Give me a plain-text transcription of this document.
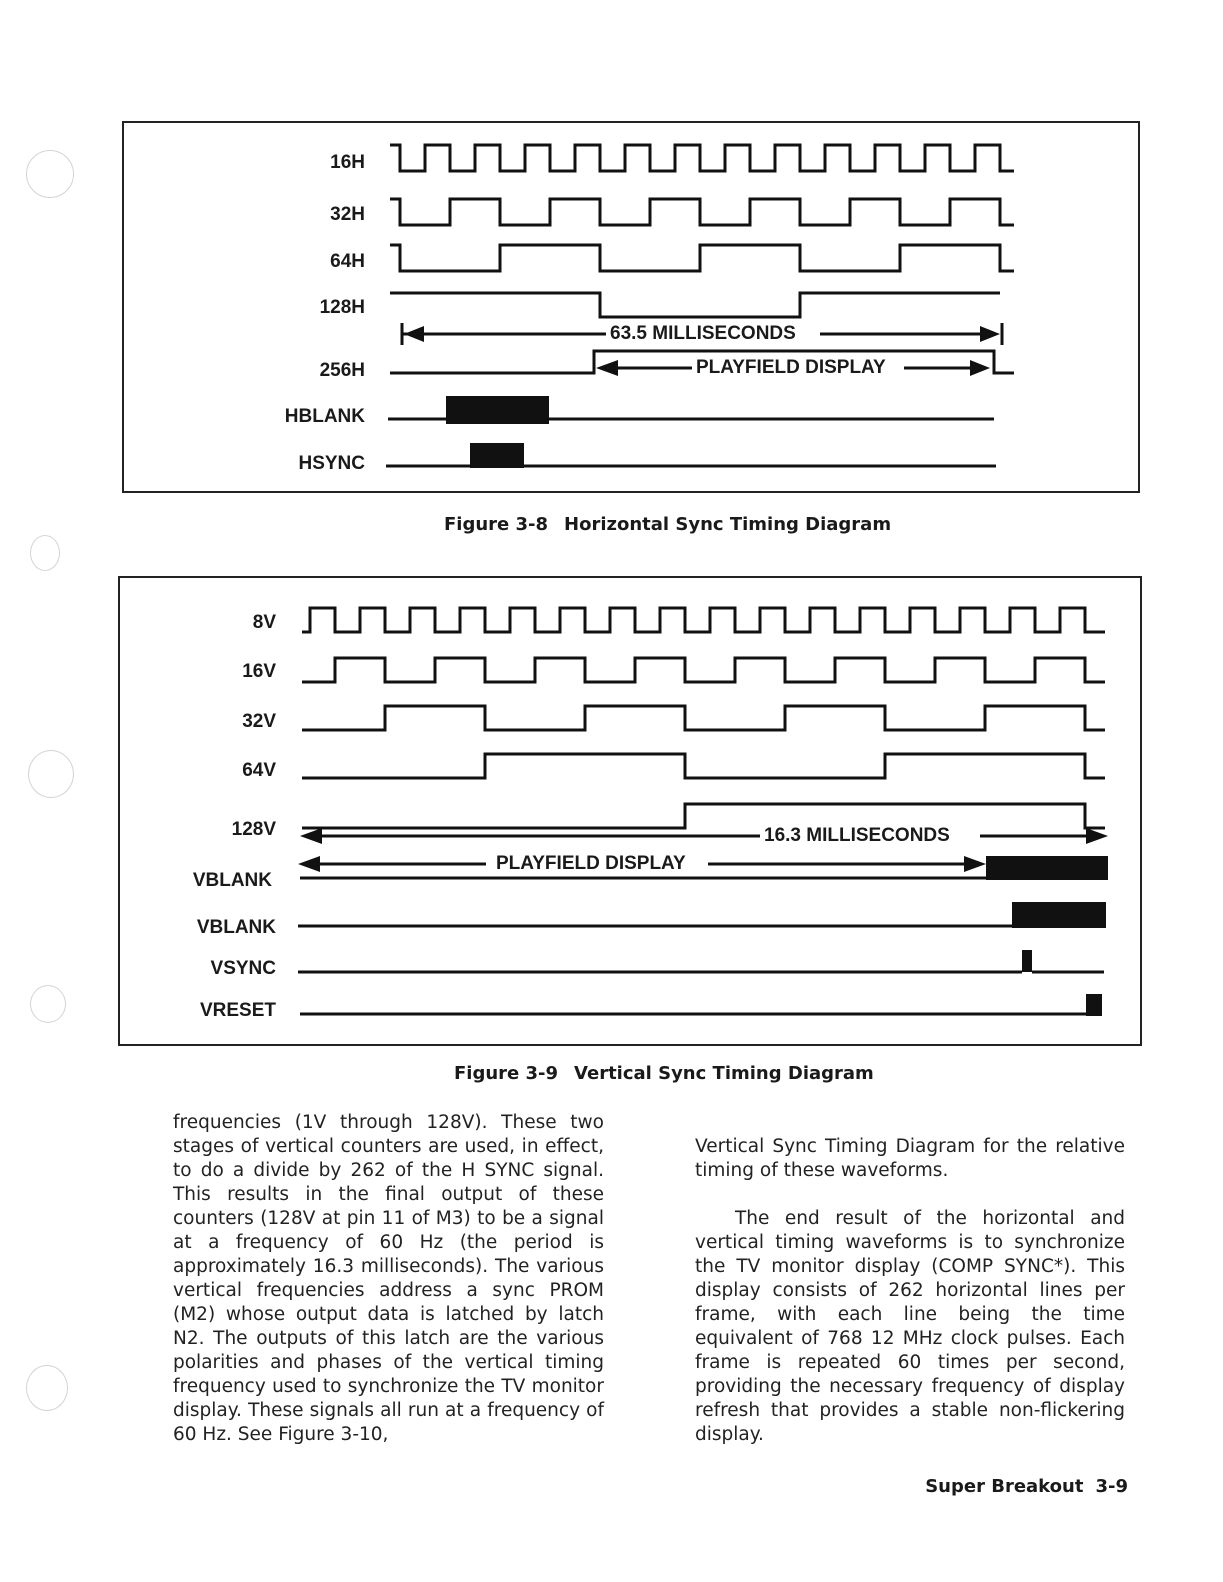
16H
32H
64H
128H
256H
HBLANK
HSYNC
63.5 MILLISECONDS
PLAYFIELD DISPLAY
Figure 3-8 Horizontal Sync Timing Diagram
8V
16V
32V
64V
128V
VBLANK
VBLANK
VSYNC
VRESET
16.3 MILLISECONDS
PLAYFIELD DISPLAY
Figure 3-9 Vertical Sync Timing Diagram

frequencies (1V through 128V). These two stages of vertical counters are used, in effect, to do a divide by 262 of the H SYNC signal. This results in the final output of these counters (128V at pin 11 of M3) to be a signal at a frequency of 60 Hz (the period is approximately 16.3 milliseconds). The various vertical frequencies address a sync PROM (M2) whose output data is latched by latch N2. The outputs of this latch are the various polarities and phases of the vertical timing frequency used to synchronize the TV monitor display. These signals all run at a frequency of 60 Hz. See Figure 3-10,

Vertical Sync Timing Diagram for the relative timing of these waveforms.

The end result of the horizontal and vertical timing waveforms is to synchronize the TV monitor display (COMP SYNC*). This display consists of 262 horizontal lines per frame, with each line being the time equivalent of 768 12 MHz clock pulses. Each frame is repeated 60 times per second, providing the necessary frequency of display refresh that provides a stable non-flickering display.

Super Breakout 3-9
